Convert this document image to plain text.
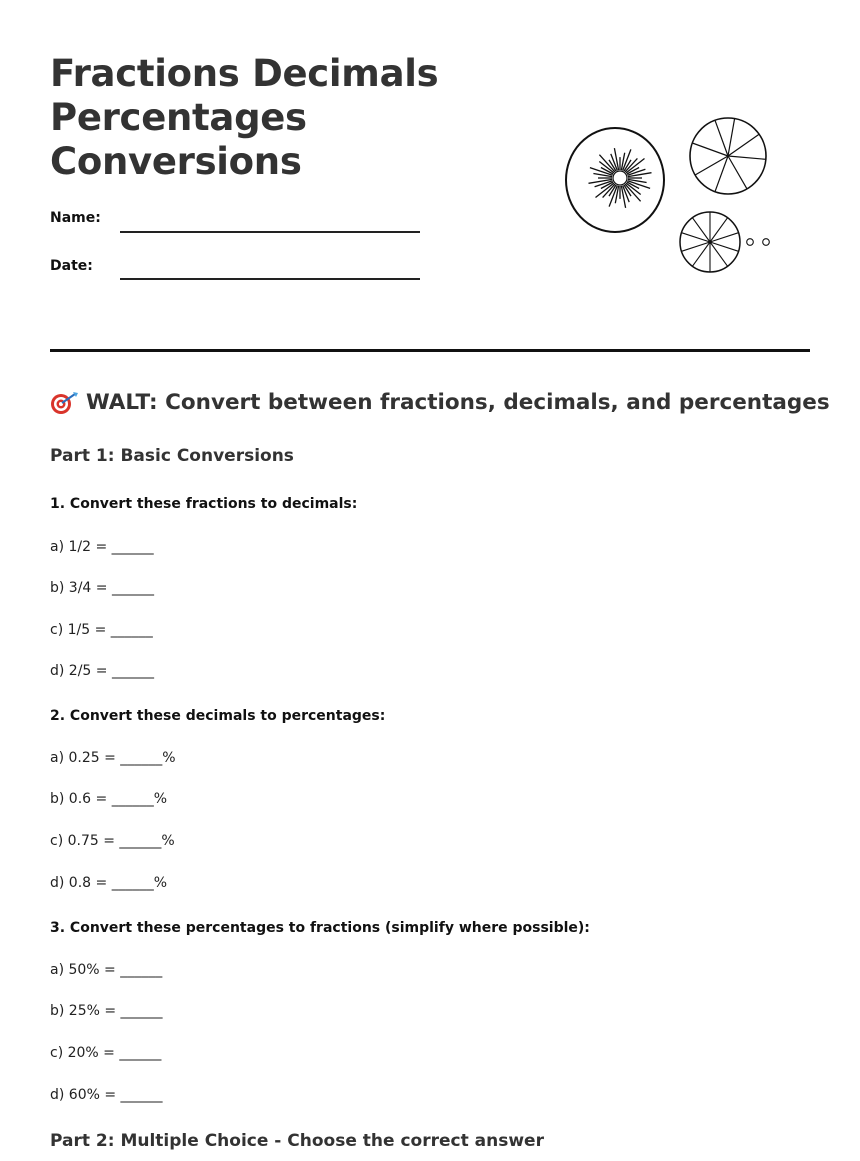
Fractions Decimals
Percentages
Conversions
Name:
Date:
WALT: Convert between fractions, decimals, and percentages
Part 1: Basic Conversions
1. Convert these fractions to decimals:
a) 1/2 = ______
b) 3/4 = ______
c) 1/5 = ______
d) 2/5 = ______
2. Convert these decimals to percentages:
a) 0.25 = ______%
b) 0.6 = ______%
c) 0.75 = ______%
d) 0.8 = ______%
3. Convert these percentages to fractions (simplify where possible):
a) 50% = ______
b) 25% = ______
c) 20% = ______
d) 60% = ______
Part 2: Multiple Choice - Choose the correct answer
